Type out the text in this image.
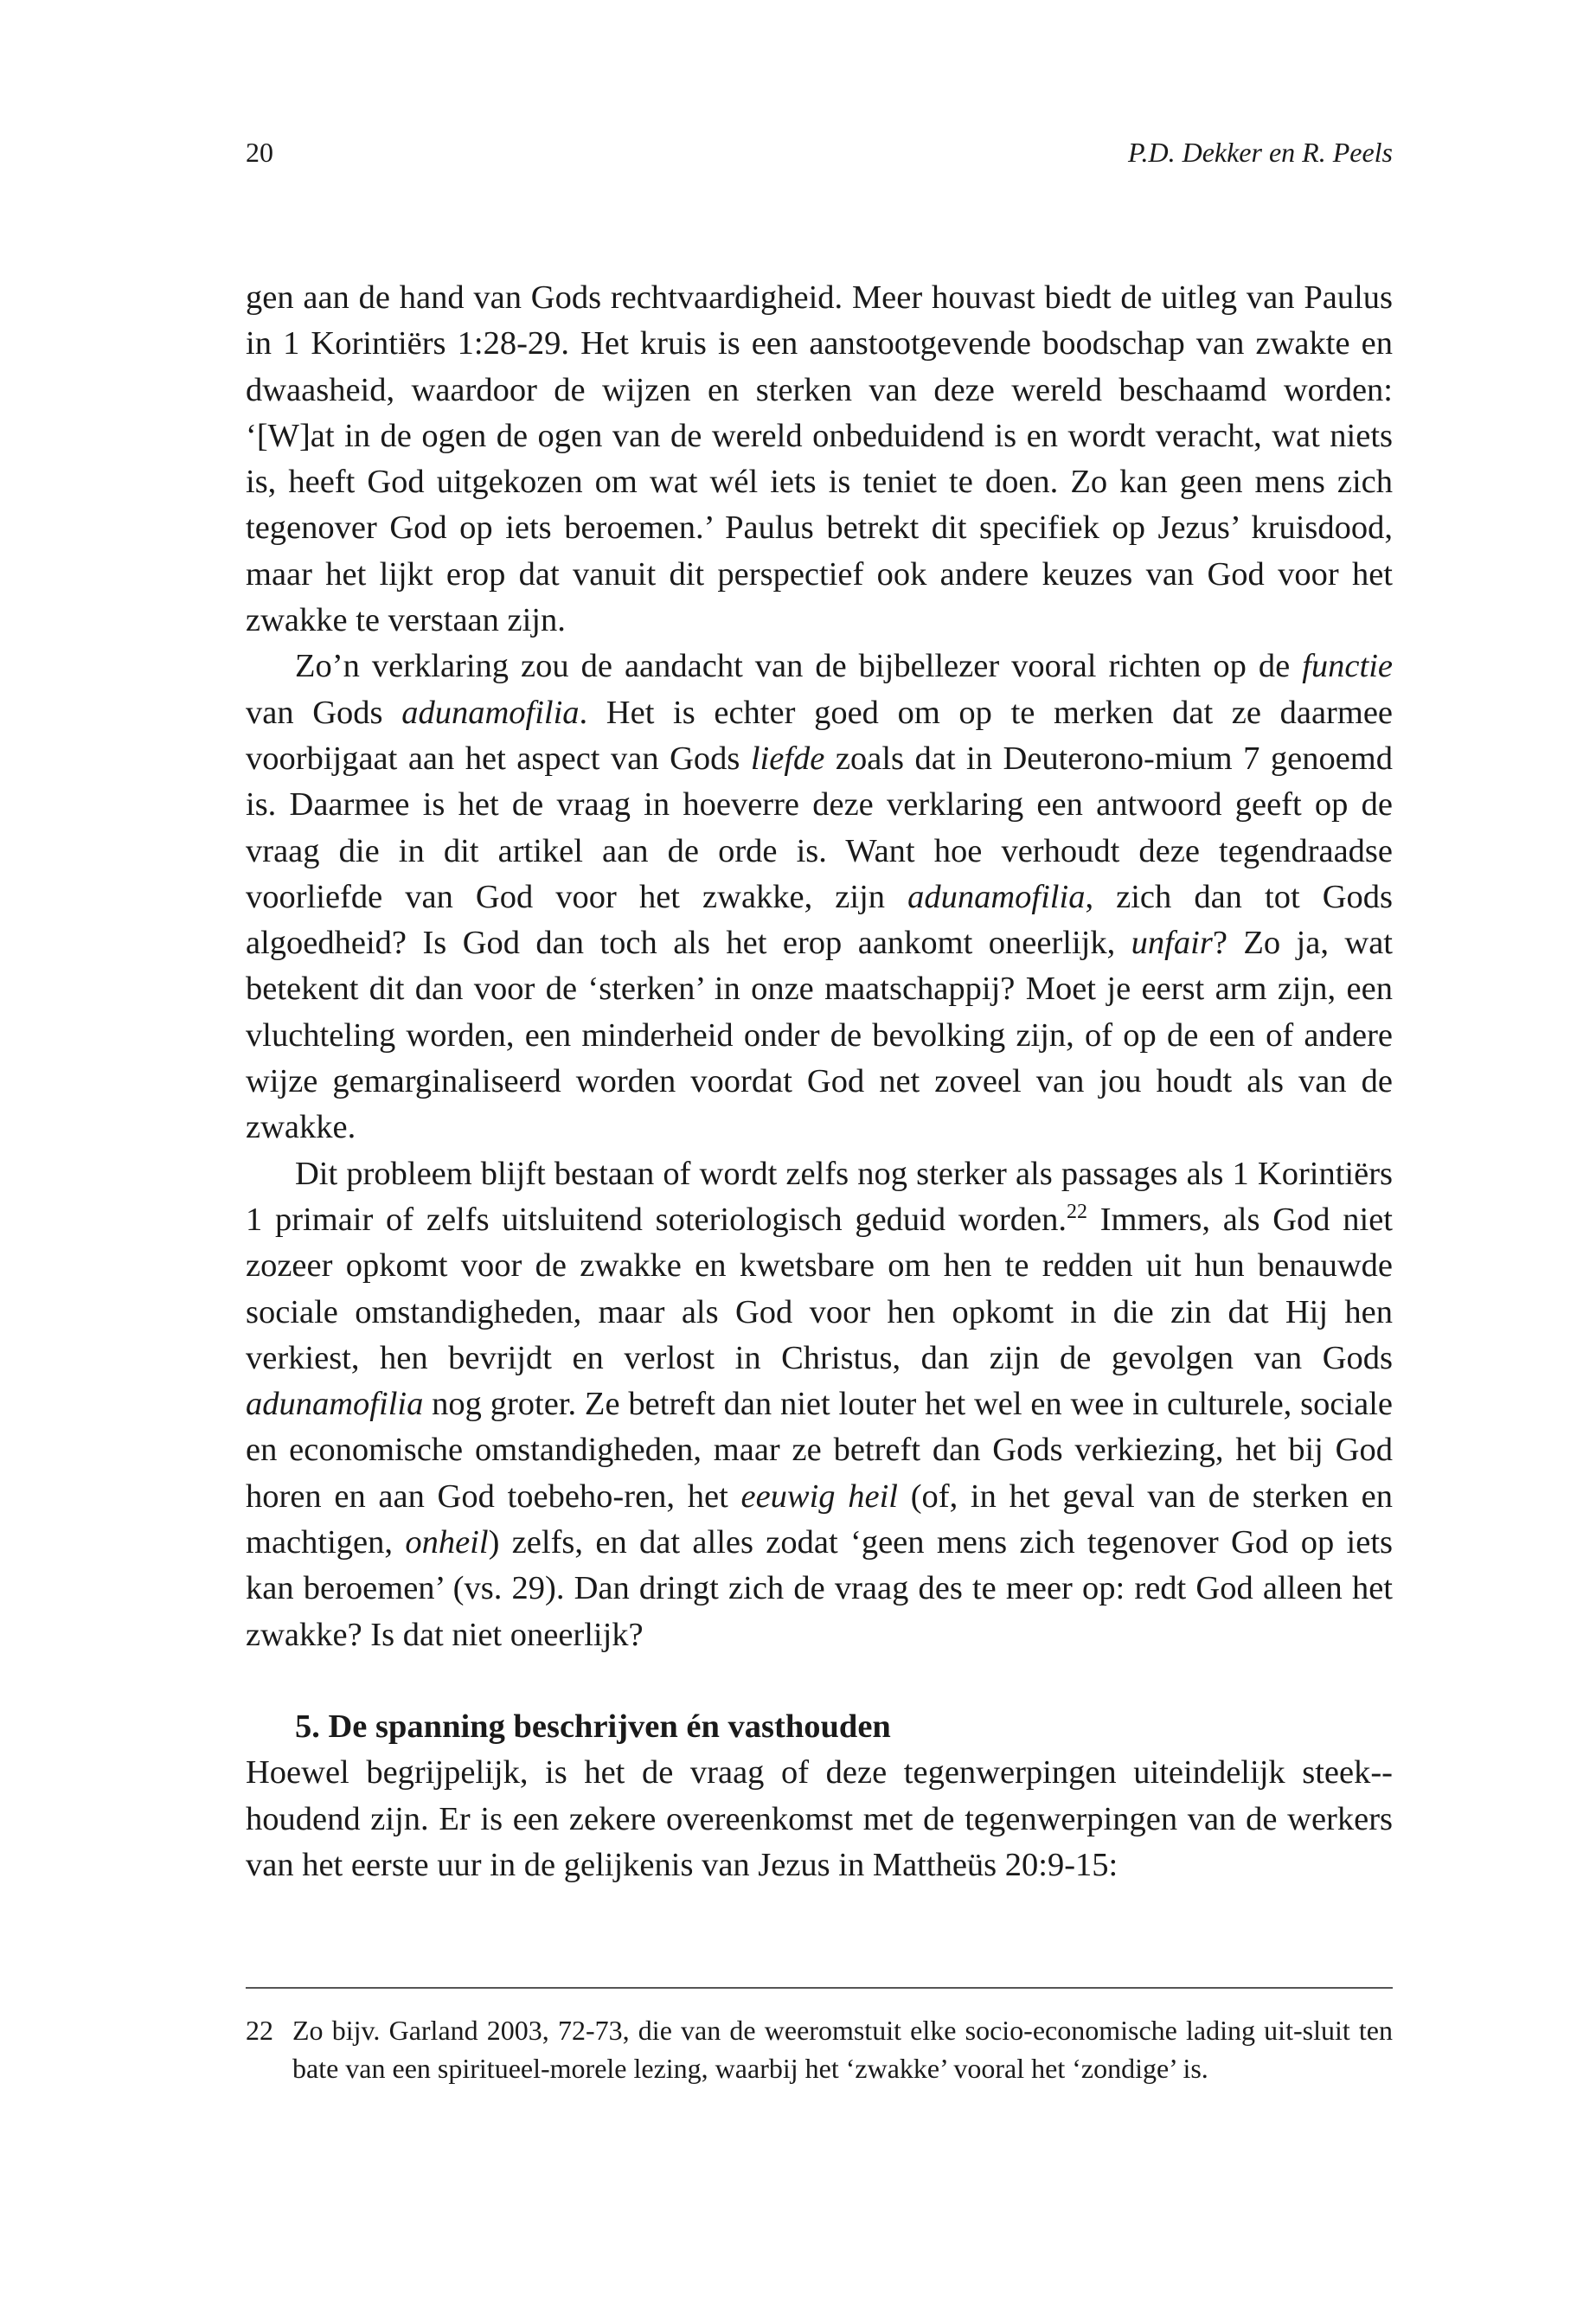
20	P.D. Dekker en R. Peels

gen aan de hand van Gods rechtvaardigheid. Meer houvast biedt de uitleg van Paulus in 1 Korintiërs 1:28-29. Het kruis is een aanstootgevende boodschap van zwakte en dwaasheid, waardoor de wijzen en sterken van deze wereld beschaamd worden: ‘[W]at in de ogen de ogen van de wereld onbeduidend is en wordt veracht, wat niets is, heeft God uitgekozen om wat wél iets is teniet te doen. Zo kan geen mens zich tegenover God op iets beroemen.’ Paulus betrekt dit specifiek op Jezus’ kruisdood, maar het lijkt erop dat vanuit dit perspectief ook andere keuzes van God voor het zwakke te verstaan zijn.

Zo’n verklaring zou de aandacht van de bijbellezer vooral richten op de functie van Gods adunamofilia. Het is echter goed om op te merken dat ze daarmee voorbijgaat aan het aspect van Gods liefde zoals dat in Deuterono-mium 7 genoemd is. Daarmee is het de vraag in hoeverre deze verklaring een antwoord geeft op de vraag die in dit artikel aan de orde is. Want hoe verhoudt deze tegendraadse voorliefde van God voor het zwakke, zijn adunamofilia, zich dan tot Gods algoedheid? Is God dan toch als het erop aankomt oneerlijk, unfair? Zo ja, wat betekent dit dan voor de ‘sterken’ in onze maatschappij? Moet je eerst arm zijn, een vluchteling worden, een minderheid onder de bevolking zijn, of op de een of andere wijze gemarginaliseerd worden voordat God net zoveel van jou houdt als van de zwakke.

Dit probleem blijft bestaan of wordt zelfs nog sterker als passages als 1 Korintiërs 1 primair of zelfs uitsluitend soteriologisch geduid worden.$^{22}$ Immers, als God niet zozeer opkomt voor de zwakke en kwetsbare om hen te redden uit hun benauwde sociale omstandigheden, maar als God voor hen opkomt in die zin dat Hij hen verkiest, hen bevrijdt en verlost in Christus, dan zijn de gevolgen van Gods adunamofilia nog groter. Ze betreft dan niet louter het wel en wee in culturele, sociale en economische omstandigheden, maar ze betreft dan Gods verkiezing, het bij God horen en aan God toebeho-ren, het eeuwig heil (of, in het geval van de sterken en machtigen, onheil) zelfs, en dat alles zodat ‘geen mens zich tegenover God op iets kan beroemen’ (vs. 29). Dan dringt zich de vraag des te meer op: redt God alleen het zwakke? Is dat niet oneerlijk?

5. De spanning beschrijven én vasthouden

Hoewel begrijpelijk, is het de vraag of deze tegenwerpingen uiteindelijk steek-houdend zijn. Er is een zekere overeenkomst met de tegenwerpingen van de werkers van het eerste uur in de gelijkenis van Jezus in Mattheüs 20:9-15:

22 Zo bijv. Garland 2003, 72-73, die van de weeromstuit elke socio-economische lading uit-sluit ten bate van een spiritueel-morele lezing, waarbij het ‘zwakke’ vooral het ‘zondige’ is.
